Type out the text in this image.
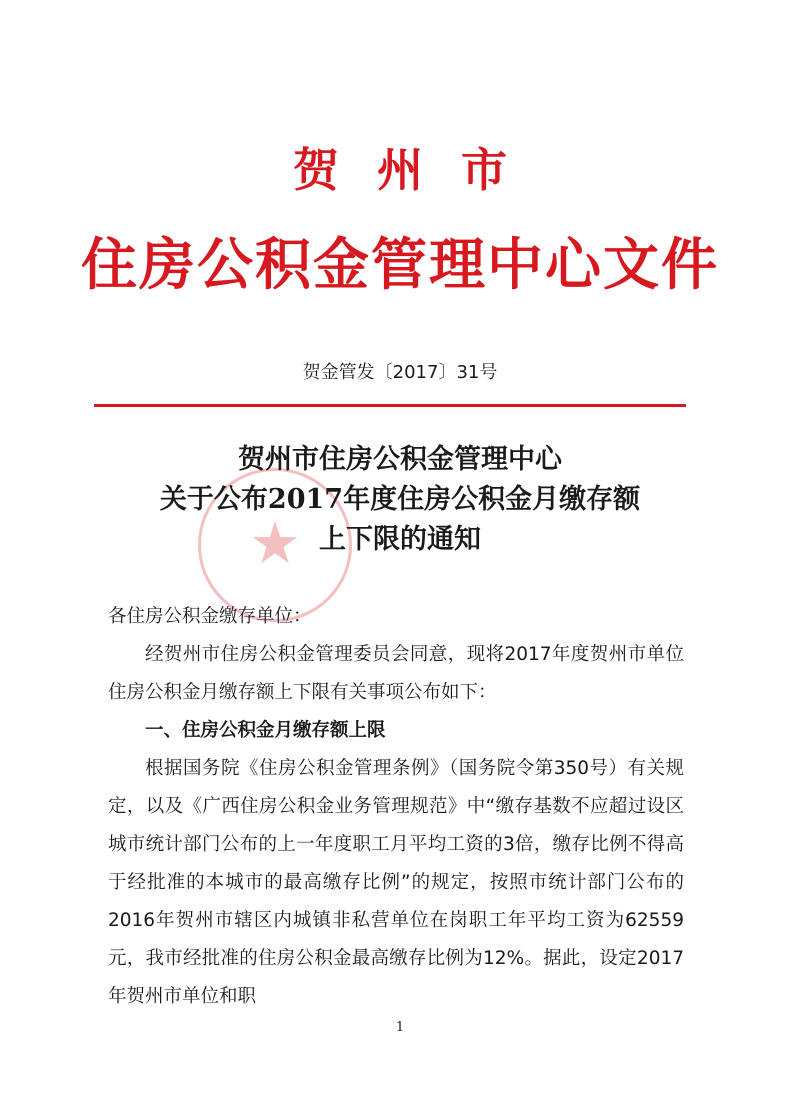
贺州市
住房公积金管理中心文件
贺金管发〔2017〕31号
★
贺州市住房公积金管理中心
关于公布2017年度住房公积金月缴存额
上下限的通知

各住房公积金缴存单位：

经贺州市住房公积金管理委员会同意，现将2017年度贺州市单位住房公积金月缴存额上下限有关事项公布如下：

一、住房公积金月缴存额上限

根据国务院《住房公积金管理条例》（国务院令第350号）有关规定，以及《广西住房公积金业务管理规范》中“缴存基数不应超过设区城市统计部门公布的上一年度职工月平均工资的3倍，缴存比例不得高于经批准的本城市的最高缴存比例”的规定，按照市统计部门公布的2016年贺州市辖区内城镇非私营单位在岗职工年平均工资为62559元，我市经批准的住房公积金最高缴存比例为12%。据此，设定2017年贺州市单位和职

1
